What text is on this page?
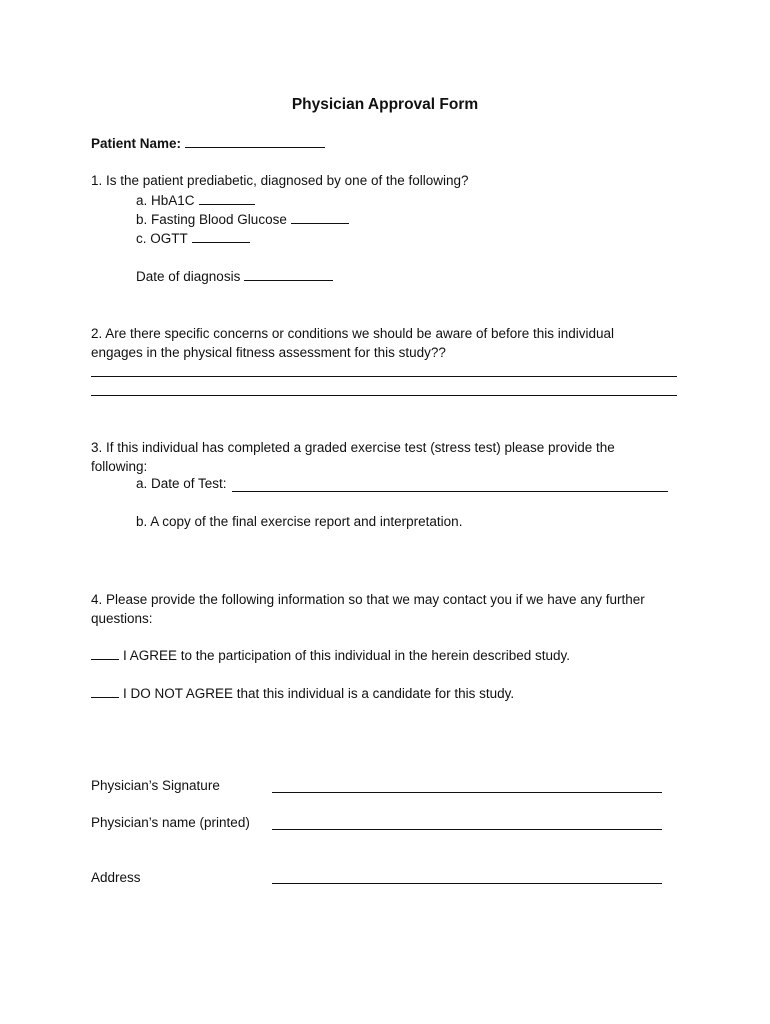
Physician Approval Form
Patient Name:
1. Is the patient prediabetic, diagnosed by one of the following?
a. HbA1C
b. Fasting Blood Glucose
c. OGTT
Date of diagnosis
2. Are there specific concerns or conditions we should be aware of before this individual engages in the physical fitness assessment for this study??
3. If this individual has completed a graded exercise test (stress test) please provide the following:
a. Date of Test:
b. A copy of the final exercise report and interpretation.
4. Please provide the following information so that we may contact you if we have any further questions:
I AGREE to the participation of this individual in the herein described study.
I DO NOT AGREE that this individual is a candidate for this study.
Physician’s Signature
Physician’s name (printed)
Address
